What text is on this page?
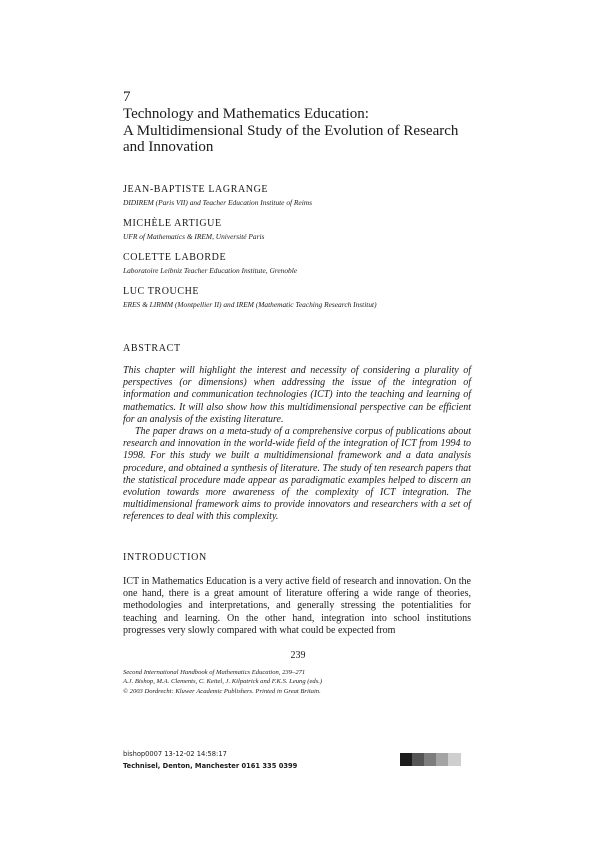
7
Technology and Mathematics Education:
A Multidimensional Study of the Evolution of Research
and Innovation
JEAN-BAPTISTE LAGRANGE
DIDIREM (Paris VII) and Teacher Education Institute of Reims
MICHÈLE ARTIGUE
UFR of Mathematics & IREM, Université Paris
COLETTE LABORDE
Laboratoire Leibniz Teacher Education Institute, Grenoble
LUC TROUCHE
ERES & LIRMM (Montpellier II) and IREM (Mathematic Teaching Research Institut)
ABSTRACT

This chapter will highlight the interest and necessity of considering a plurality of perspectives (or dimensions) when addressing the issue of the integration of information and communication technologies (ICT) into the teaching and learning of mathematics. It will also show how this multidimensional perspective can be efficient for an analysis of the existing literature.

The paper draws on a meta-study of a comprehensive corpus of publications about research and innovation in the world-wide field of the integration of ICT from 1994 to 1998. For this study we built a multidimensional framework and a data analysis procedure, and obtained a synthesis of literature. The study of ten research papers that the statistical procedure made appear as paradigmatic examples helped to discern an evolution towards more awareness of the complexity of ICT integration. The multidimensional framework aims to provide innovators and researchers with a set of references to deal with this complexity.

INTRODUCTION

ICT in Mathematics Education is a very active field of research and innovation. On the one hand, there is a great amount of literature offering a wide range of theories, methodologies and interpretations, and generally stressing the potentialities for teaching and learning. On the other hand, integration into school institutions progresses very slowly compared with what could be expected from

239
Second International Handbook of Mathematics Education, 239–271
A.J. Bishop, M.A. Clements, C. Keitel, J. Kilpatrick and F.K.S. Leung (eds.)
© 2003 Dordrecht: Kluwer Academic Publishers. Printed in Great Britain.
bishop0007 13-12-02 14:58:17
Technisel, Denton, Manchester 0161 335 0399
